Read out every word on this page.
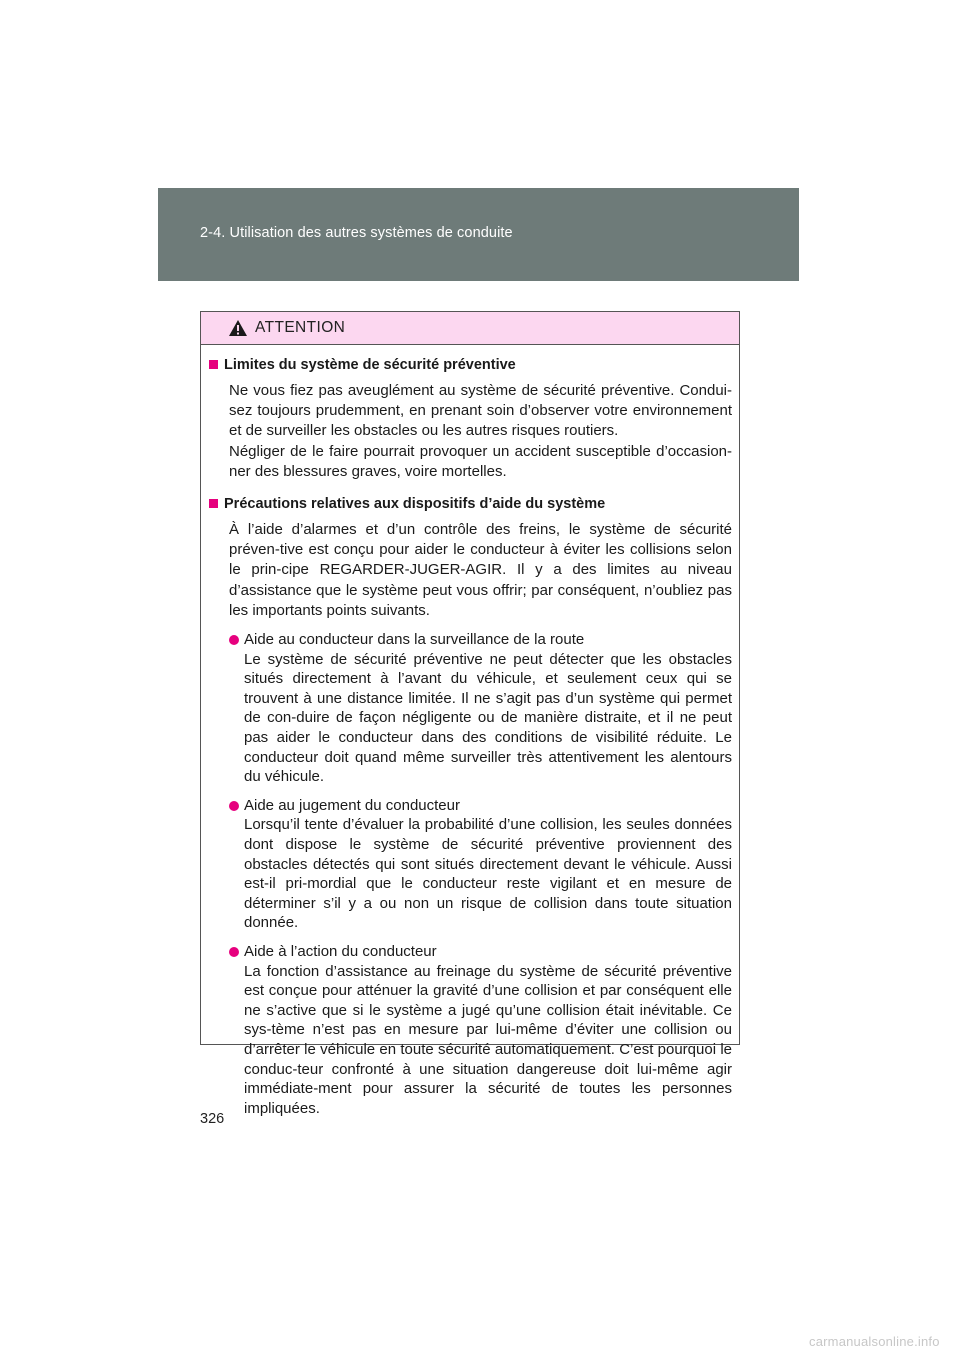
2-4. Utilisation des autres systèmes de conduite
ATTENTION
Limites du système de sécurité préventive

Ne vous fiez pas aveuglément au système de sécurité préventive. Condui-sez toujours prudemment, en prenant soin d’observer votre environnement et de surveiller les obstacles ou les autres risques routiers.

Négliger de le faire pourrait provoquer un accident susceptible d’occasion-ner des blessures graves, voire mortelles.

Précautions relatives aux dispositifs d’aide du système

À l’aide d’alarmes et d’un contrôle des freins, le système de sécurité préven-tive est conçu pour aider le conducteur à éviter les collisions selon le prin-cipe REGARDER-JUGER-AGIR. Il y a des limites au niveau d’assistance que le système peut vous offrir; par conséquent, n’oubliez pas les importants points suivants.

Aide au conducteur dans la surveillance de la route

Le système de sécurité préventive ne peut détecter que les obstacles situés directement à l’avant du véhicule, et seulement ceux qui se trouvent à une distance limitée. Il ne s’agit pas d’un système qui permet de con-duire de façon négligente ou de manière distraite, et il ne peut pas aider le conducteur dans des conditions de visibilité réduite. Le conducteur doit quand même surveiller très attentivement les alentours du véhicule.

Aide au jugement du conducteur

Lorsqu’il tente d’évaluer la probabilité d’une collision, les seules données dont dispose le système de sécurité préventive proviennent des obstacles détectés qui sont situés directement devant le véhicule. Aussi est-il pri-mordial que le conducteur reste vigilant et en mesure de déterminer s’il y a ou non un risque de collision dans toute situation donnée.

Aide à l’action du conducteur

La fonction d’assistance au freinage du système de sécurité préventive est conçue pour atténuer la gravité d’une collision et par conséquent elle ne s’active que si le système a jugé qu’une collision était inévitable. Ce sys-tème n’est pas en mesure par lui-même d’éviter une collision ou d’arrêter le véhicule en toute sécurité automatiquement. C’est pourquoi le conduc-teur confronté à une situation dangereuse doit lui-même agir immédiate-ment pour assurer la sécurité de toutes les personnes impliquées.

326
carmanualsonline.info
